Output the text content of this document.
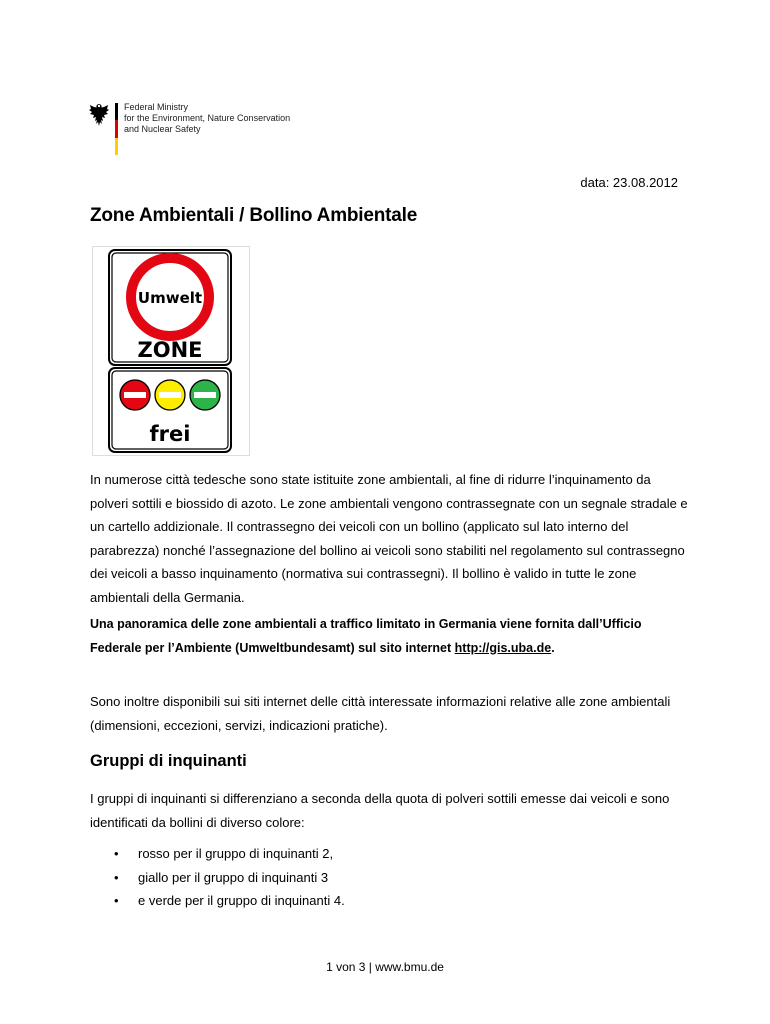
Federal Ministry
for the Environment, Nature Conservation
and Nuclear Safety
data: 23.08.2012
Zone Ambientali / Bollino Ambientale
Umwelt
ZONE
frei

In numerose città tedesche sono state istituite zone ambientali, al fine di ridurre l’inquinamento da polveri sottili e biossido di azoto. Le zone ambientali vengono contrassegnate con un segnale stradale e un cartello addizionale. Il contrassegno dei veicoli con un bollino (applicato sul lato interno del parabrezza) nonché l’assegnazione del bollino ai veicoli sono stabiliti nel regolamento sul contrassegno dei veicoli a basso inquinamento (normativa sui contrassegni). Il bollino è valido in tutte le zone ambientali della Germania.

Una panoramica delle zone ambientali a traffico limitato in Germania viene fornita dall’Ufficio Federale per l’Ambiente (Umweltbundesamt) sul sito internet http://gis.uba.de.

Sono inoltre disponibili sui siti internet delle città interessate informazioni relative alle zone ambientali (dimensioni, eccezioni, servizi, indicazioni pratiche).

Gruppi di inquinanti

I gruppi di inquinanti si differenziano a seconda della quota di polveri sottili emesse dai veicoli e sono identificati da bollini di diverso colore:

• rosso per il gruppo di inquinanti 2,
• giallo per il gruppo di inquinanti 3
• e verde per il gruppo di inquinanti 4.
1 von 3 | www.bmu.de
